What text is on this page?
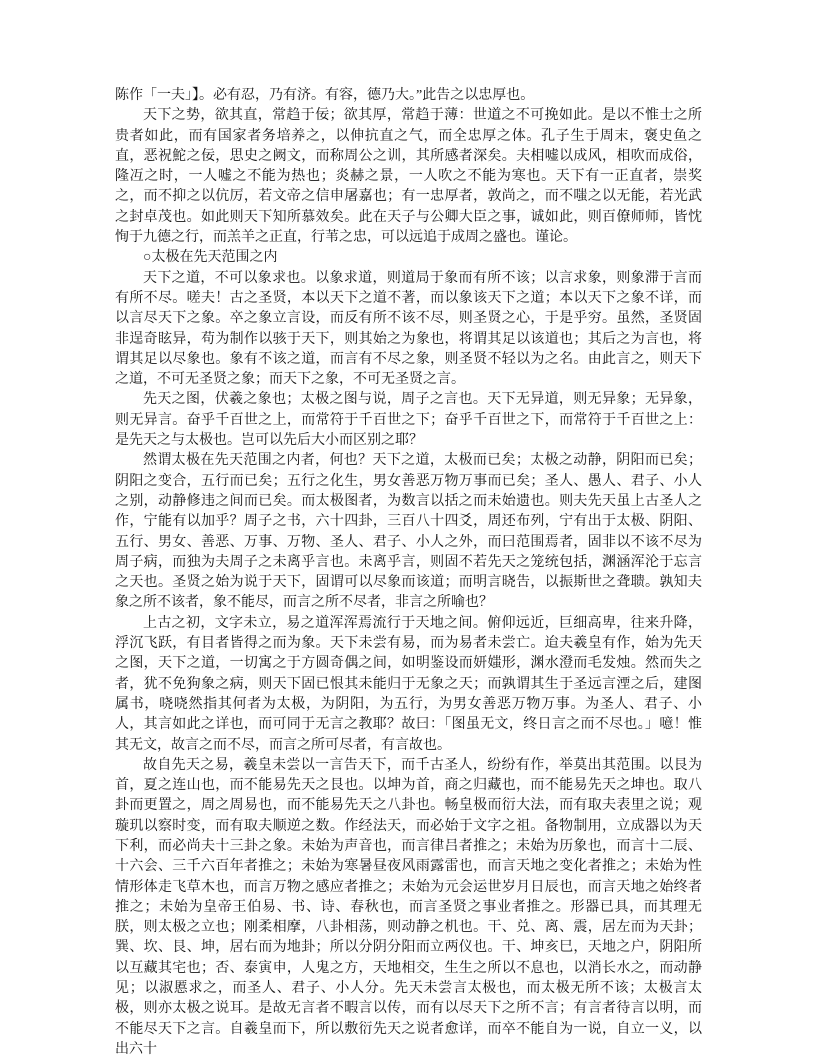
陈作「一夫」】。必有忍，乃有济。有容，德乃大。”此告之以忠厚也。

天下之势，欲其直，常趋于佞；欲其厚，常趋于薄：世道之不可挽如此。是以不惟士之所贵者如此，而有国家者务培养之，以伸抗直之气，而全忠厚之体。孔子生于周末，褒史鱼之直，恶祝鮀之佞，思史之阙文，而称周公之训，其所感者深矣。夫相嘘以成风，相吹而成俗，隆冱之时，一人嘘之不能为热也；炎赫之景，一人吹之不能为寒也。天下有一正直者，崇奖之，而不抑之以伉厉，若文帝之信申屠嘉也；有一忠厚者，敦尚之，而不嗤之以无能，若光武之封卓茂也。如此则天下知所慕效矣。此在天子与公卿大臣之事，诚如此，则百僚师师，皆忱恂于九德之行，而羔羊之正直，行苇之忠，可以远追于成周之盛也。谨论。

○太极在先天范围之内

天下之道，不可以象求也。以象求道，则道局于象而有所不该；以言求象，则象滞于言而有所不尽。嗟夫！古之圣贤，本以天下之道不著，而以象该天下之道；本以天下之象不详，而以言尽天下之象。卒之象立言设，而反有所不该不尽，则圣贤之心，于是乎穷。虽然，圣贤固非逞奇眩异，苟为制作以骇于天下，则其始之为象也，将谓其足以该道也；其后之为言也，将谓其足以尽象也。象有不该之道，而言有不尽之象，则圣贤不轻以为之名。由此言之，则天下之道，不可无圣贤之象；而天下之象，不可无圣贤之言。

先天之图，伏羲之象也；太极之图与说，周子之言也。天下无异道，则无异象；无异象，则无异言。奋乎千百世之上，而常符于千百世之下；奋乎千百世之下，而常符于千百世之上：是先天之与太极也。岂可以先后大小而区别之耶？

然谓太极在先天范围之内者，何也？天下之道，太极而已矣；太极之动静，阴阳而已矣；阴阳之变合，五行而已矣；五行之化生，男女善恶万物万事而已矣；圣人、愚人、君子、小人之别，动静修违之间而已矣。而太极图者，为数言以括之而未始遗也。则夫先天虽上古圣人之作，宁能有以加乎？周子之书，六十四卦，三百八十四爻，周还布列，宁有出于太极、阴阳、五行、男女、善恶、万事、万物、圣人、君子、小人之外，而曰范围焉者，固非以不该不尽为周子病，而独为夫周子之未离乎言也。未离乎言，则固不若先天之笼统包括，渊涵浑沦于忘言之天也。圣贤之始为说于天下，固谓可以尽象而该道；而明言晓告，以振斯世之聋聩。孰知夫象之所不该者，象不能尽，而言之所不尽者，非言之所喻也？

上古之初，文字未立，易之道浑浑焉流行于天地之间。俯仰远近，巨细高卑，往来升降，浮沉飞跃，有目者皆得之而为象。天下未尝有易，而为易者未尝亡。迨夫羲皇有作，始为先天之图，天下之道，一切寓之于方圆奇偶之间，如明鉴设而妍媸形，渊水澄而毛发烛。然而失之者，犹不免狗象之病，则天下固已恨其未能归于无象之天；而孰谓其生于圣远言湮之后，建图属书，哓哓然指其何者为太极，为阴阳，为五行，为男女善恶万物万事。为圣人、君子、小人，其言如此之详也，而可同于无言之教耶？故曰：「图虽无文，终日言之而不尽也。」噫！惟其无文，故言之而不尽，而言之所可尽者，有言故也。

故自先天之易，羲皇未尝以一言告天下，而千古圣人，纷纷有作，举莫出其范围。以艮为首，夏之连山也，而不能易先天之艮也。以坤为首，商之归藏也，而不能易先天之坤也。取八卦而更置之，周之周易也，而不能易先天之八卦也。畅皇极而衍大法，而有取夫表里之说；观璇玑以察时变，而有取夫顺逆之数。作经法天，而必始于文字之祖。备物制用，立成器以为天下利，而必尚夫十三卦之象。未始为声音也，而言律吕者推之；未始为历象也，而言十二辰、十六会、三千六百年者推之；未始为寒暑昼夜风雨露雷也，而言天地之变化者推之；未始为性情形体走飞草木也，而言万物之感应者推之；未始为元会运世岁月日辰也，而言天地之始终者推之；未始为皇帝王伯易、书、诗、春秋也，而言圣贤之事业者推之。形器已具，而其理无朕，则太极之立也；刚柔相摩，八卦相荡，则动静之机也。干、兑、离、震，居左而为天卦；巽、坎、艮、坤，居右而为地卦；所以分阴分阳而立两仪也。干、坤亥巳，天地之户，阴阳所以互藏其宅也；否、泰寅申，人鬼之方，天地相交，生生之所以不息也，以消长水之，而动静见；以淑慝求之，而圣人、君子、小人分。先天未尝言太极也，而太极无所不该；太极言太极，则亦太极之说耳。是故无言者不暇言以传，而有以尽天下之所不言；有言者待言以明，而不能尽天下之言。自羲皇而下，所以敷衍先天之说者愈详，而卒不能自为一说，自立一义，以出六十
